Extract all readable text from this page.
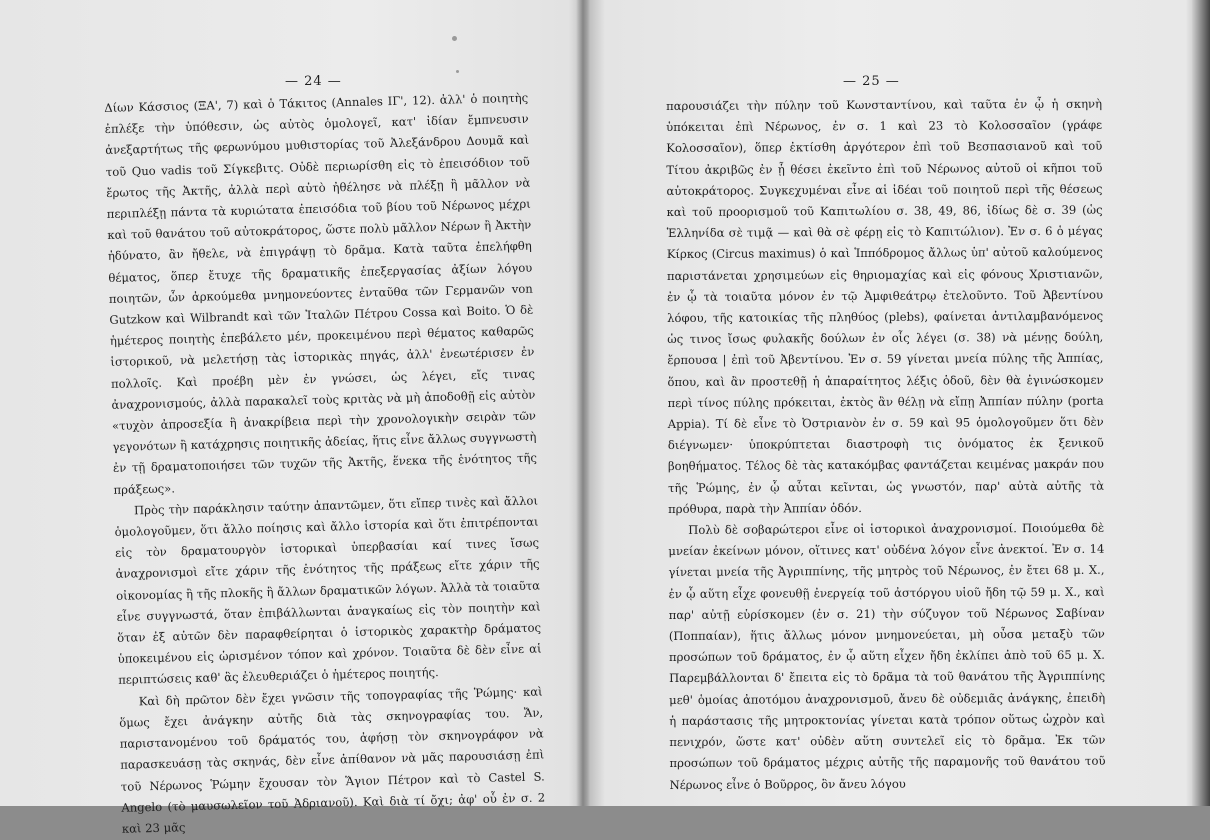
— 24 —

Δίων Κάσσιος (ΞΑ', 7) καὶ ὁ Τάκιτος (Annales ΙΓ', 12). ἀλλ' ὁ ποιητὴς ἐπλέξε τὴν ὑπόθεσιν, ὡς αὐτὸς ὁμολογεῖ, κατ' ἰδίαν ἔμπνευσιν ἀνεξαρτήτως τῆς φερωνύμου μυθιστορίας τοῦ Ἀλεξάνδρου Δουμᾶ καὶ τοῦ Quo vadis τοῦ Σίγκεβιτς. Οὐδὲ περιωρίσθη εἰς τὸ ἐπεισόδιον τοῦ ἔρωτος τῆς Ἀκτῆς, ἀλλὰ περὶ αὐτὸ ἠθέλησε νὰ πλέξῃ ἢ μᾶλλον νὰ περιπλέξῃ πάντα τὰ κυριώτατα ἐπεισόδια τοῦ βίου τοῦ Νέρωνος μέχρι καὶ τοῦ θανάτου τοῦ αὐτοκράτορος, ὥστε πολὺ μᾶλλον Νέρων ἢ Ἀκτὴν ἠδύνατο, ἂν ἤθελε, νὰ ἐπιγράψῃ τὸ δρᾶμα. Κατὰ ταῦτα ἐπελήφθη θέματος, ὅπερ ἔτυχε τῆς δραματικῆς ἐπεξεργασίας ἀξίων λόγου ποιητῶν, ὧν ἀρκούμεθα μνημονεύοντες ἐνταῦθα τῶν Γερμανῶν von Gutzkow καὶ Wilbrandt καὶ τῶν Ἰταλῶν Πέτρου Cossa καὶ Boito. Ὁ δὲ ἡμέτερος ποιητὴς ἐπεβάλετο μέν, προκειμένου περὶ θέματος καθαρῶς ἱστορικοῦ, νὰ μελετήσῃ τὰς ἱστορικὰς πηγάς, ἀλλ' ἐνεωτέρισεν ἐν πολλοῖς. Καὶ προέβη μὲν ἐν γνώσει, ὡς λέγει, εἴς τινας ἀναχρονισμούς, ἀλλὰ παρακαλεῖ τοὺς κριτὰς νὰ μὴ ἀποδοθῇ εἰς αὐτὸν «τυχὸν ἀπροσεξία ἢ ἀνακρίβεια περὶ τὴν χρονολογικὴν σειρὰν τῶν γεγονότων ἢ κατάχρησις ποιητικῆς ἀδείας, ἥτις εἶνε ἄλλως συγγνωστὴ ἐν τῇ δραματοποιήσει τῶν τυχῶν τῆς Ἀκτῆς, ἕνεκα τῆς ἑνότητος τῆς πράξεως».

Πρὸς τὴν παράκλησιν ταύτην ἀπαντῶμεν, ὅτι εἴπερ τινὲς καὶ ἄλλοι ὁμολογοῦμεν, ὅτι ἄλλο ποίησις καὶ ἄλλο ἱστορία καὶ ὅτι ἐπιτρέπονται εἰς τὸν δραματουργὸν ἱστορικαὶ ὑπερβασίαι καί τινες ἴσως ἀναχρονισμοὶ εἴτε χάριν τῆς ἑνότητος τῆς πράξεως εἴτε χάριν τῆς οἰκονομίας ἢ τῆς πλοκῆς ἢ ἄλλων δραματικῶν λόγων. Ἀλλὰ τὰ τοιαῦτα εἶνε συγγνωστά, ὅταν ἐπιβάλλωνται ἀναγκαίως εἰς τὸν ποιητὴν καὶ ὅταν ἐξ αὐτῶν δὲν παραφθείρηται ὁ ἱστορικὸς χαρακτὴρ δράματος ὑποκειμένου εἰς ὡρισμένον τόπον καὶ χρόνον. Τοιαῦτα δὲ δὲν εἶνε αἱ περιπτώσεις καθ' ἃς ἐλευθεριάζει ὁ ἡμέτερος ποιητής.

Καὶ δὴ πρῶτον δὲν ἔχει γνῶσιν τῆς τοπογραφίας τῆς Ῥώμης· καὶ ὅμως ἔχει ἀνάγκην αὐτῆς διὰ τὰς σκηνογραφίας του. Ἄν, παριστανομένου τοῦ δράματός του, ἀφήσῃ τὸν σκηνογράφον νὰ παρασκευάσῃ τὰς σκηνάς, δὲν εἶνε ἀπίθανον νὰ μᾶς παρουσιάσῃ ἐπὶ τοῦ Νέρωνος Ῥώμην ἔχουσαν τὸν Ἅγιον Πέτρον καὶ τὸ Castel S. Angelo (τὸ μαυσωλεῖον τοῦ Ἀδριανοῦ). Καὶ διὰ τί ὄχι; ἀφ' οὗ ἐν σ. 2 καὶ 23 μᾶς

— 25 —

παρουσιάζει τὴν πύλην τοῦ Κωνσταντίνου, καὶ ταῦτα ἐν ᾧ ἡ σκηνὴ ὑπόκειται ἐπὶ Νέρωνος, ἐν σ. 1 καὶ 23 τὸ Κολοσσαῖον (γράφε Κολοσσαῖον), ὅπερ ἐκτίσθη ἀργότερον ἐπὶ τοῦ Βεσπασιανοῦ καὶ τοῦ Τίτου ἀκριβῶς ἐν ᾗ θέσει ἐκεῖντο ἐπὶ τοῦ Νέρωνος αὐτοῦ οἱ κῆποι τοῦ αὐτοκράτορος. Συγκεχυμέναι εἶνε αἱ ἰδέαι τοῦ ποιητοῦ περὶ τῆς θέσεως καὶ τοῦ προορισμοῦ τοῦ Καπιτωλίου σ. 38, 49, 86, ἰδίως δὲ σ. 39 (ὡς Ἑλληνίδα σὲ τιμᾷ — καὶ θὰ σὲ φέρῃ εἰς τὸ Καπιτώλιον). Ἐν σ. 6 ὁ μέγας Κίρκος (Circus maximus) ὁ καὶ Ἱππόδρομος ἄλλως ὑπ' αὐτοῦ καλούμενος παριστάνεται χρησιμεύων εἰς θηριομαχίας καὶ εἰς φόνους Χριστιανῶν, ἐν ᾧ τὰ τοιαῦτα μόνον ἐν τῷ Ἀμφιθεάτρῳ ἐτελοῦντο. Τοῦ Ἀβεντίνου λόφου, τῆς κατοικίας τῆς πληθύος (plebs), φαίνεται ἀντιλαμβανόμενος ὡς τινος ἴσως φυλακῆς δούλων ἐν οἷς λέγει (σ. 38) νὰ μένῃς δούλη, ἔρπουσα | ἐπὶ τοῦ Ἀβεντίνου. Ἐν σ. 59 γίνεται μνεία πύλης τῆς Ἀππίας, ὅπου, καὶ ἂν προστεθῇ ἡ ἀπαραίτητος λέξις ὁδοῦ, δὲν θὰ ἐγινώσκομεν περὶ τίνος πύλης πρόκειται, ἐκτὸς ἂν θέλῃ νὰ εἴπῃ Ἀππίαν πύλην (porta Appia). Τί δὲ εἶνε τὸ Ὀστριανὸν ἐν σ. 59 καὶ 95 ὁμολογοῦμεν ὅτι δὲν διέγνωμεν· ὑποκρύπτεται διαστροφὴ τις ὀνόματος ἐκ ξενικοῦ βοηθήματος. Τέλος δὲ τὰς κατακόμβας φαντάζεται κειμένας μακράν που τῆς Ῥώμης, ἐν ᾧ αὗται κεῖνται, ὡς γνωστόν, παρ' αὐτὰ αὐτῆς τὰ πρόθυρα, παρὰ τὴν Ἀππίαν ὁδόν.

Πολὺ δὲ σοβαρώτεροι εἶνε οἱ ἱστορικοὶ ἀναχρονισμοί. Ποιούμεθα δὲ μνείαν ἐκείνων μόνον, οἵτινες κατ' οὐδένα λόγον εἶνε ἀνεκτοί. Ἐν σ. 14 γίνεται μνεία τῆς Ἀγριππίνης, τῆς μητρὸς τοῦ Νέρωνος, ἐν ἔτει 68 μ. Χ., ἐν ᾧ αὕτη εἶχε φονευθῇ ἐνεργείᾳ τοῦ ἀστόργου υἱοῦ ἤδη τῷ 59 μ. Χ., καὶ παρ' αὐτῇ εὑρίσκομεν (ἐν σ. 21) τὴν σύζυγον τοῦ Νέρωνος Σαβίναν (Ποππαίαν), ἥτις ἄλλως μόνον μνημονεύεται, μὴ οὖσα μεταξὺ τῶν προσώπων τοῦ δράματος, ἐν ᾧ αὕτη εἶχεν ἤδη ἐκλίπει ἀπὸ τοῦ 65 μ. Χ. Παρεμβάλλονται δ' ἔπειτα εἰς τὸ δρᾶμα τὰ τοῦ θανάτου τῆς Ἀγριππίνης μεθ' ὁμοίας ἀποτόμου ἀναχρονισμοῦ, ἄνευ δὲ οὐδεμιᾶς ἀνάγκης, ἐπειδὴ ἡ παράστασις τῆς μητροκτονίας γίνεται κατὰ τρόπον οὕτως ὠχρὸν καὶ πενιχρόν, ὥστε κατ' οὐδὲν αὕτη συντελεῖ εἰς τὸ δρᾶμα. Ἐκ τῶν προσώπων τοῦ δράματος μέχρις αὐτῆς τῆς παραμονῆς τοῦ θανάτου τοῦ Νέρωνος εἶνε ὁ Βοῦρρος, ὃν ἄνευ λόγου
